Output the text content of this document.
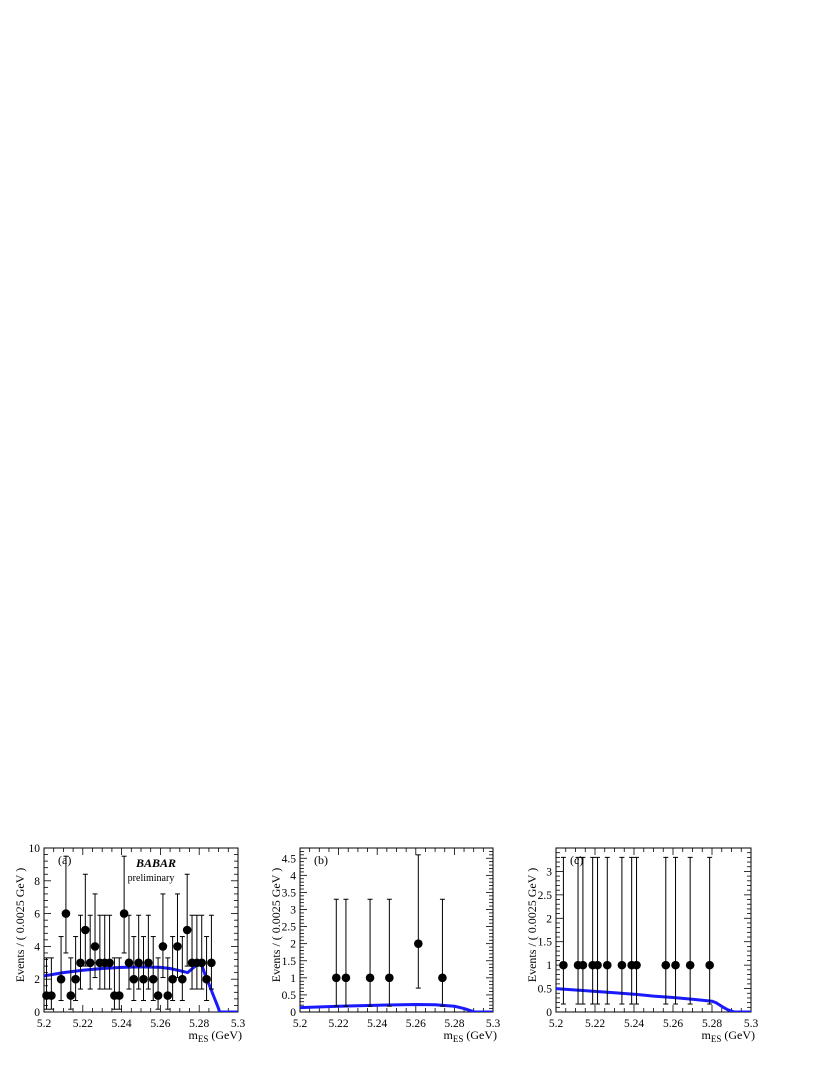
5.2 5.22 5.24 5.26 5.28 5.3
0
2
4
6
8
10
Events / ( 0.0025 GeV )
$m_{ES}$ (GeV)
(a)	BABAR
preliminary
5.2 5.22 5.24 5.26 5.28 5.3
0
0.5
1
1.5
2
2.5
3
3.5
4
4.5
Events / ( 0.0025 GeV )
$m_{ES}$ (GeV)
(b)
5.2 5.22 5.24 5.26 5.28 5.3
0
0.5
1
1.5
2
2.5
3
Events / ( 0.0025 GeV )
$m_{ES}$ (GeV)
(c)
